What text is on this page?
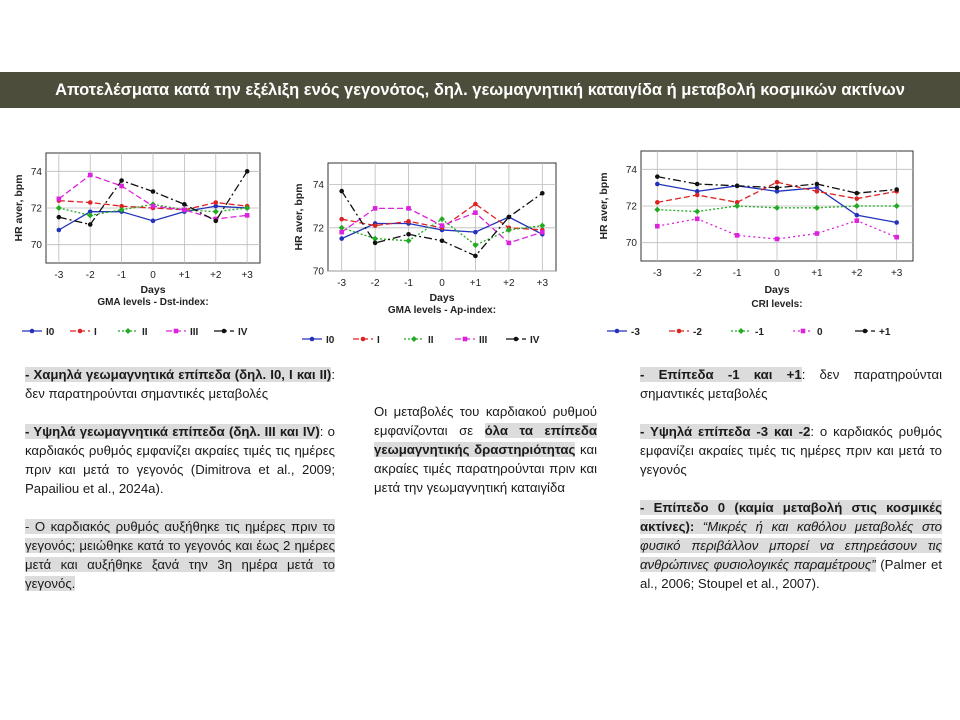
Αποτελέσματα κατά την εξέλιξη ενός γεγονότος, δηλ. γεωμαγνητική καταιγίδα ή μεταβολή κοσμικών ακτίνων
70
72
74
-3 -2 -1 0 +1 +2 +3
HR aver, bpm
Days
GMA levels - Dst-index:
I0	I	II	III	IV
70
72
74
-3 -2 -1	0 +1 +2 +3
HR aver, bpm
Days
GMA levels - Ap-index:
I0	I	II	III	IV
70
72
74
-3	-2	-1	0	+1	+2	+3
HR aver, bpm
Days
CRI levels:
-3	-2	-1	0	+1

- Χαμηλά γεωμαγνητικά επίπεδα (δηλ. Ι0, Ι και ΙΙ): δεν παρατηρούνται σημαντικές μεταβολές

- Υψηλά γεωμαγνητικά επίπεδα (δηλ. ΙΙΙ και IV): ο καρδιακός ρυθμός εμφανίζει ακραίες τιμές τις ημέρες πριν και μετά το γεγονός (Dimitrova et al., 2009; Papailiou et al., 2024a).

- Ο καρδιακός ρυθμός αυξήθηκε τις ημέρες πριν το γεγονός; μειώθηκε κατά το γεγονός και έως 2 ημέρες μετά και αυξήθηκε ξανά την 3η ημέρα μετά το γεγονός.

Οι μεταβολές του καρδιακού ρυθμού εμφανίζονται σε όλα τα επίπεδα γεωμαγνητικής δραστηριότητας και ακραίες τιμές παρατηρούνται πριν και μετά την γεωμαγνητική καταιγίδα

- Επίπεδα -1 και +1: δεν παρατηρούνται σημαντικές μεταβολές

- Υψηλά επίπεδα -3 και -2: ο καρδιακός ρυθμός εμφανίζει ακραίες τιμές τις ημέρες πριν και μετά το γεγονός

- Επίπεδο 0 (καμία μεταβολή στις κοσμικές ακτίνες): “Μικρές ή και καθόλου μεταβολές στο φυσικό περιβάλλον μπορεί να επηρεάσουν τις ανθρώπινες φυσιολογικές παραμέτρους” (Palmer et al., 2006; Stoupel et al., 2007).
